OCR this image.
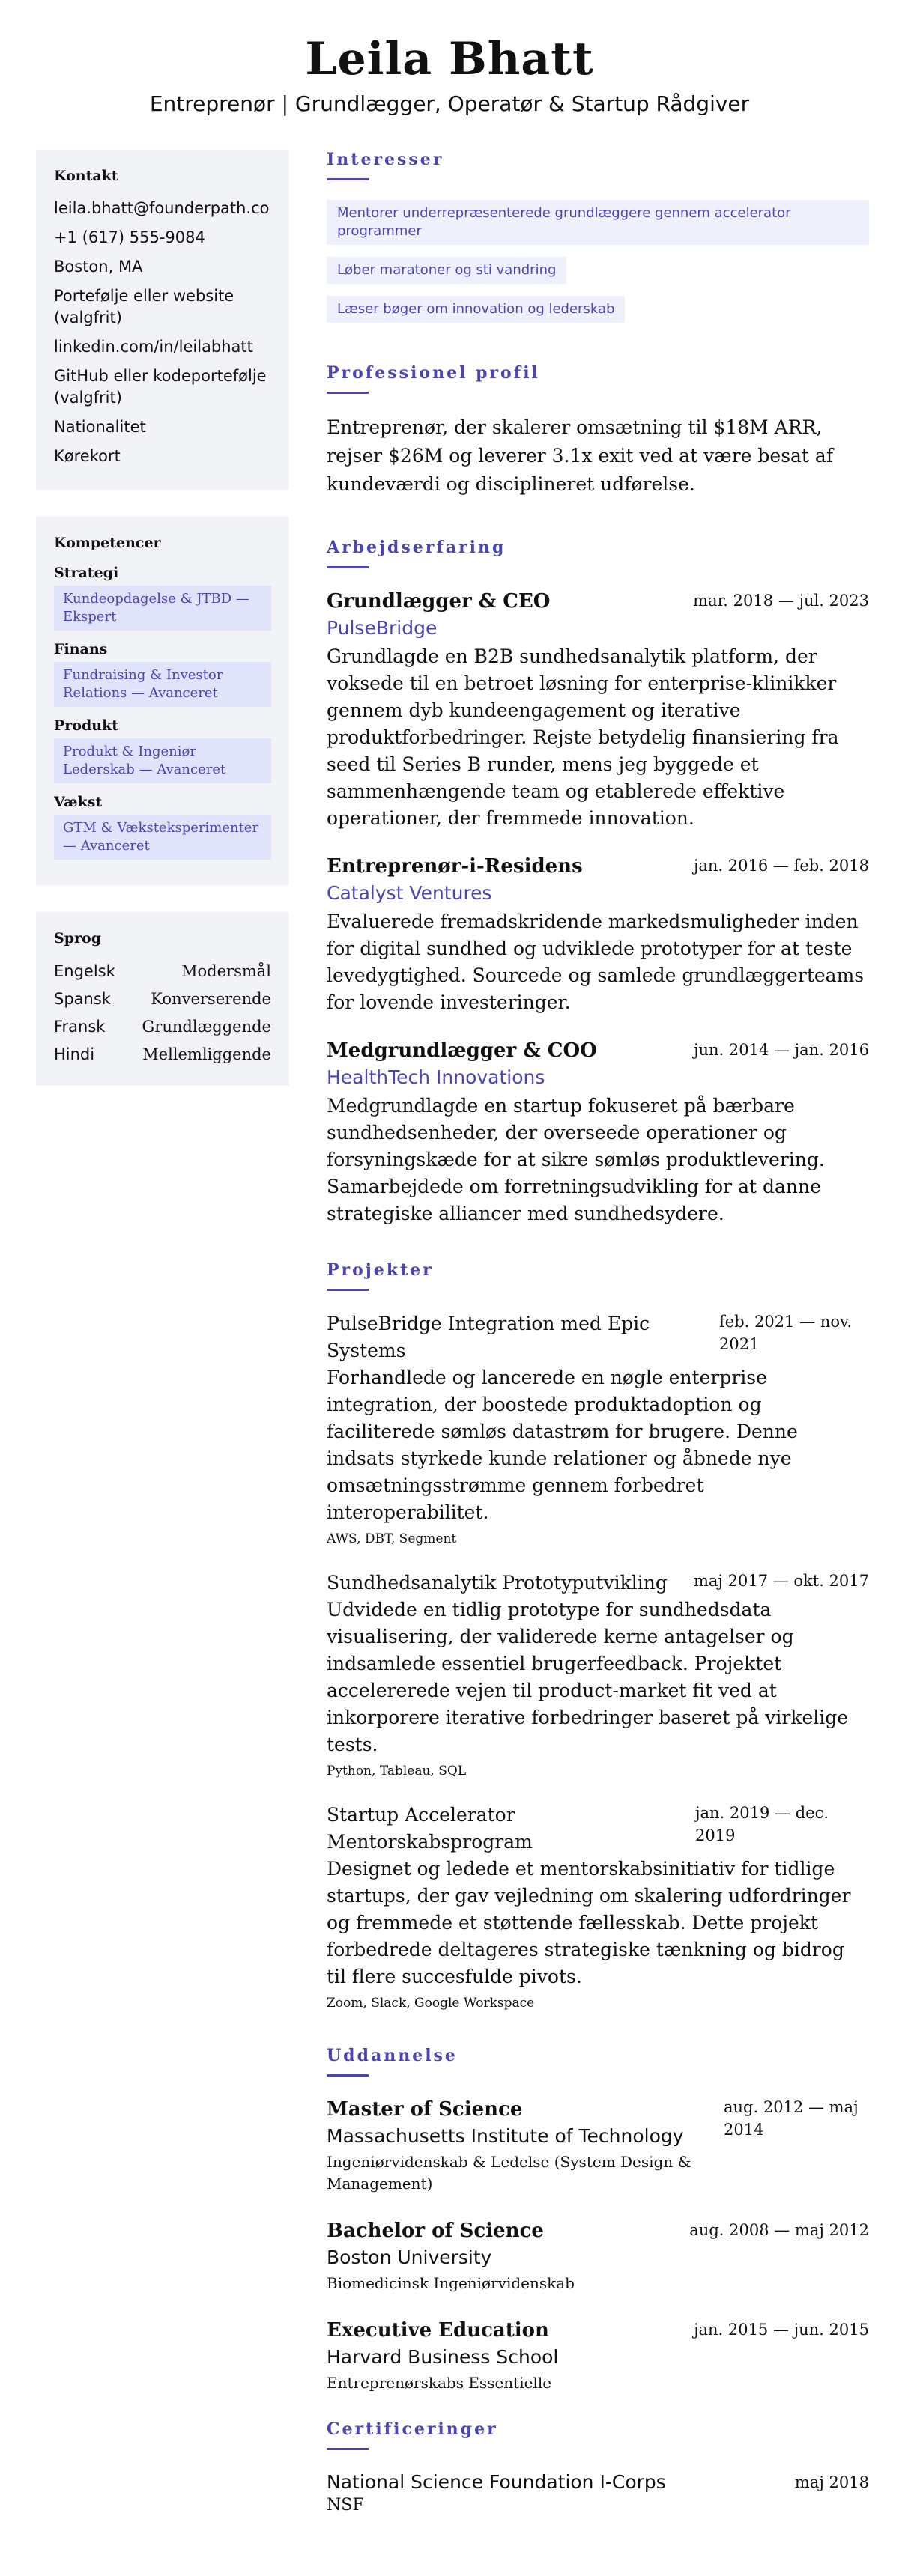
Leila Bhatt
Entreprenør | Grundlægger, Operatør & Startup Rådgiver
Kontakt
leila.bhatt@founderpath.co
+1 (617) 555-9084
Boston, MA
Portefølje eller website (valgfrit)
linkedin.com/in/leilabhatt
GitHub eller kodeportefølje (valgfrit)
Nationalitet
Kørekort
Kompetencer
Strategi
Kundeopdagelse & JTBD — Ekspert
Finans
Fundraising & Investor Relations — Avanceret
Produkt
Produkt & Ingeniør Lederskab — Avanceret
Vækst
GTM & Væksteksperimenter — Avanceret
Sprog
Engelsk	Modersmål
Spansk	Konverserende
Fransk Grundlæggende
Hindi	Mellemliggende
Interesser
Mentorer underrepræsenterede grundlæggere gennem accelerator programmer
Løber maratoner og sti vandring
Læser bøger om innovation og lederskab
Professionel profil
Entreprenør, der skalerer omsætning til $18M ARR, rejser $26M og leverer 3.1x exit ved at være besat af kundeværdi og disciplineret udførelse.
Arbejdserfaring
Grundlægger & CEO	mar. 2018 — jul. 2023
PulseBridge
Grundlagde en B2B sundhedsanalytik platform, der voksede til en betroet løsning for enterprise-klinikker gennem dyb kundeengagement og iterative produktforbedringer. Rejste betydelig finansiering fra seed til Series B runder, mens jeg byggede et sammenhængende team og etablerede effektive operationer, der fremmede innovation.
Entreprenør-i-Residens	jan. 2016 — feb. 2018
Catalyst Ventures
Evaluerede fremadskridende markedsmuligheder inden for digital sundhed og udviklede prototyper for at teste levedygtighed. Sourcede og samlede grundlæggerteams for lovende investeringer.
Medgrundlægger & COO	jun. 2014 — jan. 2016
HealthTech Innovations
Medgrundlagde en startup fokuseret på bærbare sundhedsenheder, der overseede operationer og forsyningskæde for at sikre sømløs produktlevering. Samarbejdede om forretningsudvikling for at danne strategiske alliancer med sundhedsydere.
Projekter
PulseBridge Integration med Epic Systems
feb. 2021 — nov. 2021
Forhandlede og lancerede en nøgle enterprise integration, der boostede produktadoption og faciliterede sømløs datastrøm for brugere. Denne indsats styrkede kunde relationer og åbnede nye omsætningsstrømme gennem forbedret interoperabilitet.
AWS, DBT, Segment
Sundhedsanalytik Prototyputvikling maj 2017 — okt. 2017
Udvidede en tidlig prototype for sundhedsdata visualisering, der validerede kerne antagelser og indsamlede essentiel brugerfeedback. Projektet accelererede vejen til product-market fit ved at inkorporere iterative forbedringer baseret på virkelige tests.
Python, Tableau, SQL
Startup Accelerator Mentorskabsprogram
jan. 2019 — dec. 2019
Designet og ledede et mentorskabsinitiativ for tidlige startups, der gav vejledning om skalering udfordringer og fremmede et støttende fællesskab. Dette projekt forbedrede deltageres strategiske tænkning og bidrog til flere succesfulde pivots.
Zoom, Slack, Google Workspace
Uddannelse
Master of Science
Massachusetts Institute of Technology
Ingeniørvidenskab & Ledelse (System Design & Management)
aug. 2012 — maj 2014
Bachelor of Science	aug. 2008 — maj 2012
Boston University
Biomedicinsk Ingeniørvidenskab
Executive Education	jan. 2015 — jun. 2015
Harvard Business School
Entreprenørskabs Essentielle
Certificeringer
National Science Foundation I-Corps	maj 2018
NSF
